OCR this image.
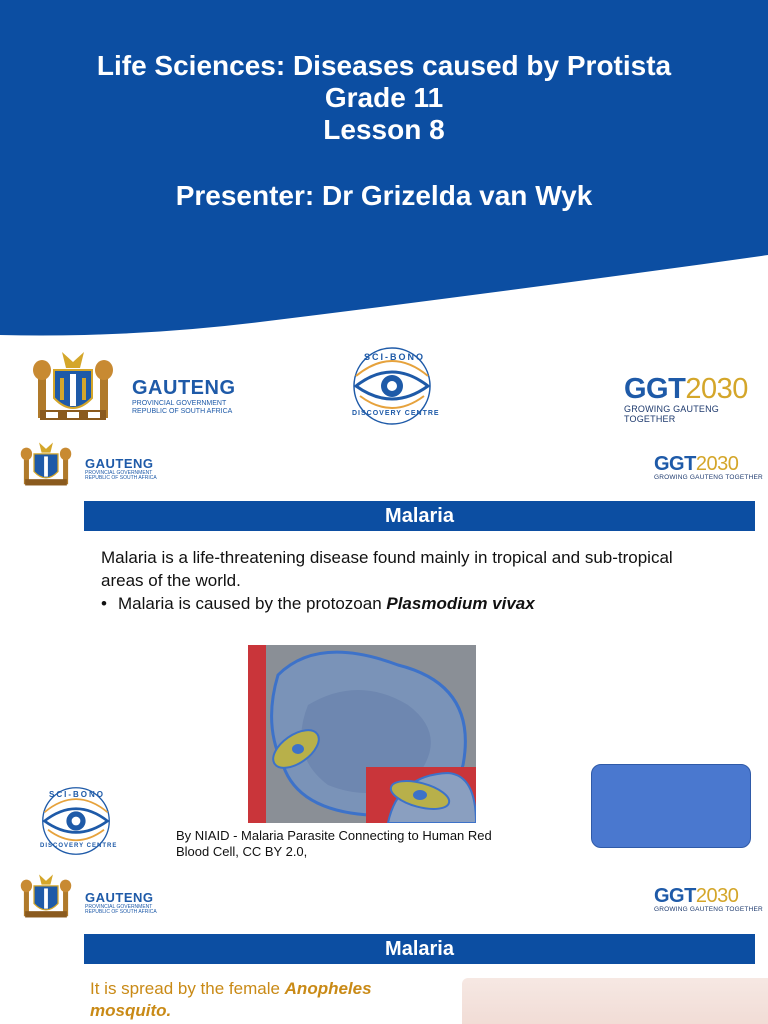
Life Sciences: Diseases caused by Protista
Grade 11
Lesson 8
Presenter: Dr Grizelda van Wyk
GAUTENG
PROVINCIAL GOVERNMENT
REPUBLIC OF SOUTH AFRICA
SCI-BONO
DISCOVERY CENTRE
GGT2030
GROWING GAUTENG TOGETHER
GAUTENG
PROVINCIAL GOVERNMENT
REPUBLIC OF SOUTH AFRICA
GGT2030
GROWING GAUTENG TOGETHER
Malaria

Malaria is a life-threatening disease found mainly in tropical and sub-tropical areas of the world.

• Malaria is caused by the protozoan Plasmodium vivax
By NIAID - Malaria Parasite Connecting to Human Red
Blood Cell, CC BY 2.0,
SCI-BONO
DISCOVERY CENTRE
GAUTENG
PROVINCIAL GOVERNMENT
REPUBLIC OF SOUTH AFRICA
GGT2030
GROWING GAUTENG TOGETHER
Malaria
It is spread by the female Anopheles mosquito.
